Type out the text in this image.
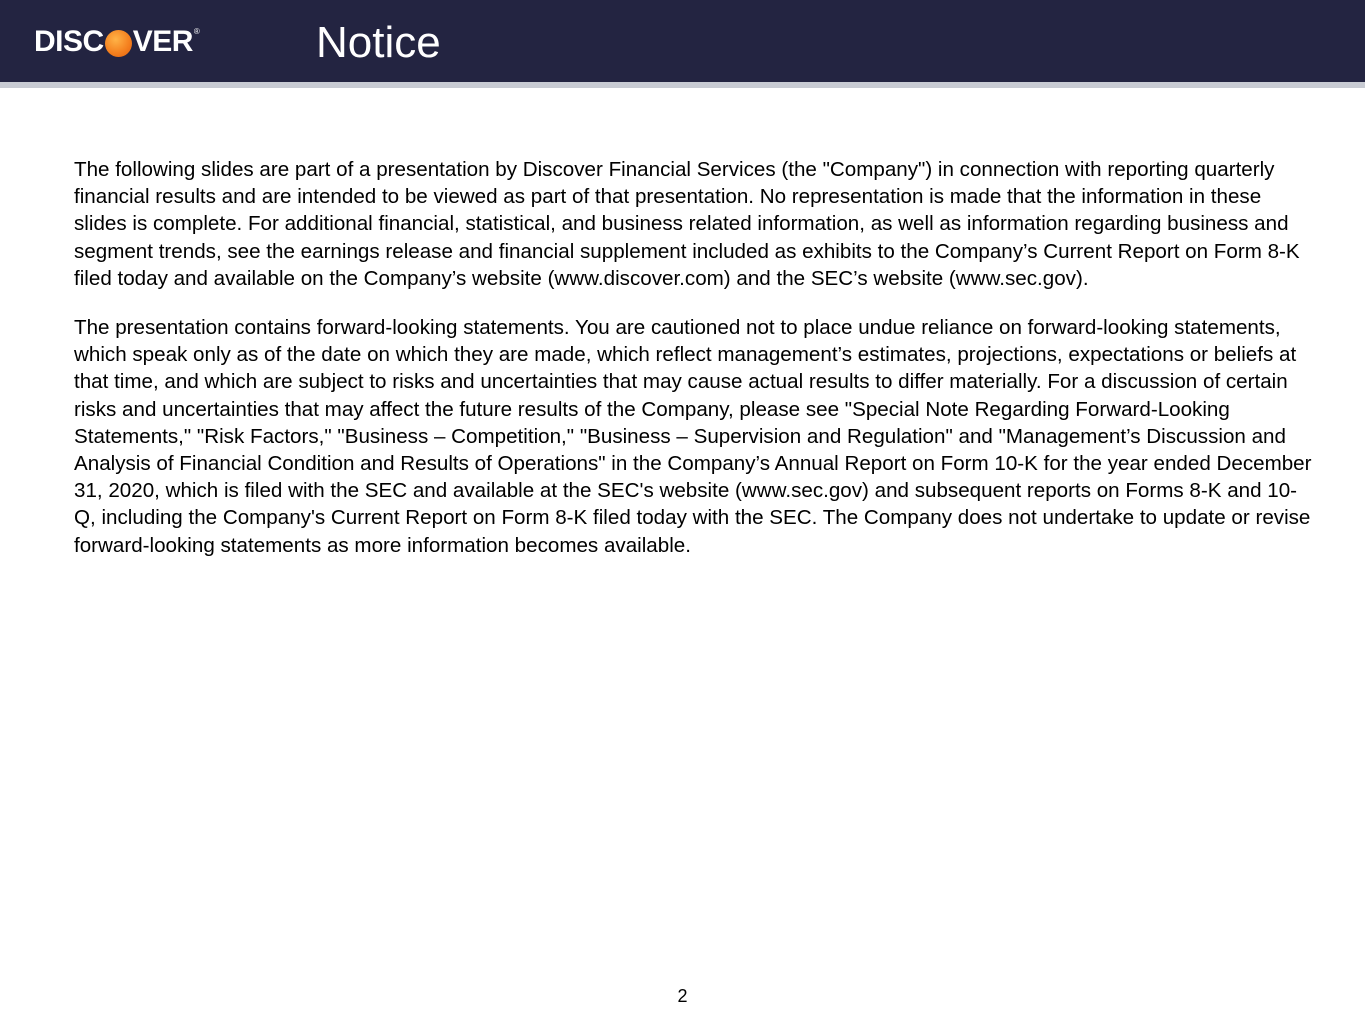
DISC VER ®	Notice

The following slides are part of a presentation by Discover Financial Services (the "Company") in connection with reporting quarterly financial results and are intended to be viewed as part of that presentation. No representation is made that the information in these slides is complete. For additional financial, statistical, and business related information, as well as information regarding business and segment trends, see the earnings release and financial supplement included as exhibits to the Company’s Current Report on Form 8-K filed today and available on the Company’s website (www.discover.com) and the SEC’s website (www.sec.gov).

The presentation contains forward-looking statements. You are cautioned not to place undue reliance on forward-looking statements, which speak only as of the date on which they are made, which reflect management’s estimates, projections, expectations or beliefs at that time, and which are subject to risks and uncertainties that may cause actual results to differ materially. For a discussion of certain risks and uncertainties that may affect the future results of the Company, please see "Special Note Regarding Forward-Looking Statements," "Risk Factors," "Business – Competition," "Business – Supervision and Regulation" and "Management’s Discussion and Analysis of Financial Condition and Results of Operations" in the Company’s Annual Report on Form 10-K for the year ended December 31, 2020, which is filed with the SEC and available at the SEC's website (www.sec.gov) and subsequent reports on Forms 8-K and 10-Q, including the Company's Current Report on Form 8-K filed today with the SEC. The Company does not undertake to update or revise forward-looking statements as more information becomes available.

2
